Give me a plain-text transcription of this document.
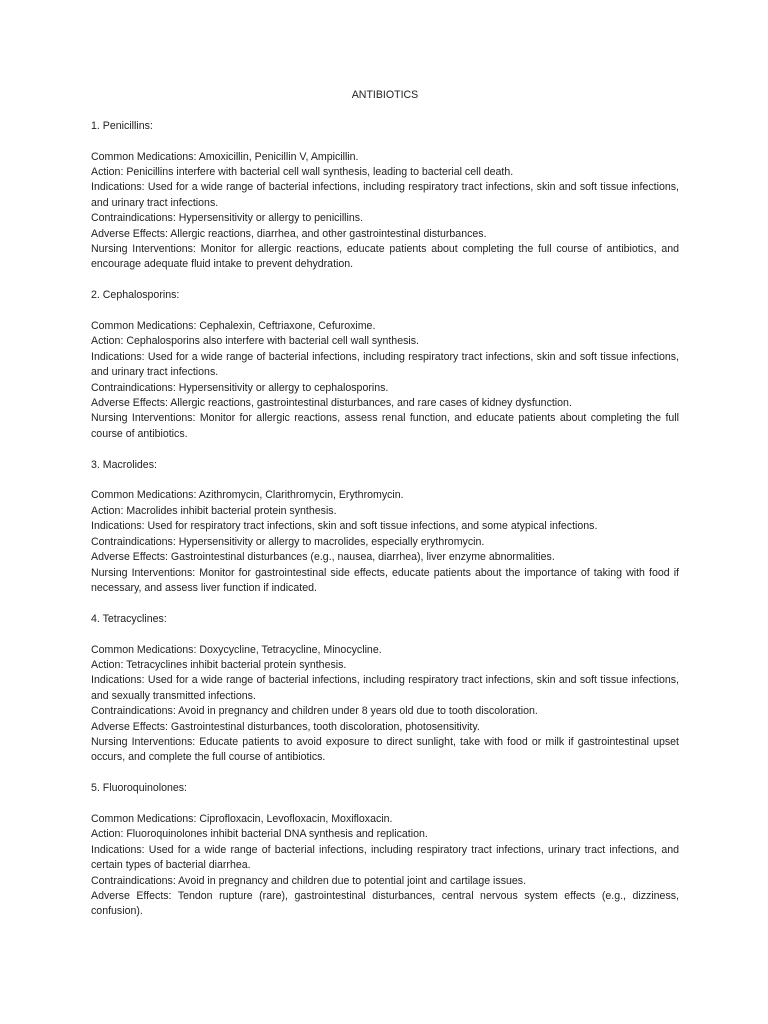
ANTIBIOTICS

1. Penicillins:

Common Medications: Amoxicillin, Penicillin V, Ampicillin.

Action: Penicillins interfere with bacterial cell wall synthesis, leading to bacterial cell death.

Indications: Used for a wide range of bacterial infections, including respiratory tract infections, skin and soft tissue infections, and urinary tract infections.

Contraindications: Hypersensitivity or allergy to penicillins.

Adverse Effects: Allergic reactions, diarrhea, and other gastrointestinal disturbances.

Nursing Interventions: Monitor for allergic reactions, educate patients about completing the full course of antibiotics, and encourage adequate fluid intake to prevent dehydration.

2. Cephalosporins:

Common Medications: Cephalexin, Ceftriaxone, Cefuroxime.

Action: Cephalosporins also interfere with bacterial cell wall synthesis.

Indications: Used for a wide range of bacterial infections, including respiratory tract infections, skin and soft tissue infections, and urinary tract infections.

Contraindications: Hypersensitivity or allergy to cephalosporins.

Adverse Effects: Allergic reactions, gastrointestinal disturbances, and rare cases of kidney dysfunction.

Nursing Interventions: Monitor for allergic reactions, assess renal function, and educate patients about completing the full course of antibiotics.

3. Macrolides:

Common Medications: Azithromycin, Clarithromycin, Erythromycin.

Action: Macrolides inhibit bacterial protein synthesis.

Indications: Used for respiratory tract infections, skin and soft tissue infections, and some atypical infections.

Contraindications: Hypersensitivity or allergy to macrolides, especially erythromycin.

Adverse Effects: Gastrointestinal disturbances (e.g., nausea, diarrhea), liver enzyme abnormalities.

Nursing Interventions: Monitor for gastrointestinal side effects, educate patients about the importance of taking with food if necessary, and assess liver function if indicated.

4. Tetracyclines:

Common Medications: Doxycycline, Tetracycline, Minocycline.

Action: Tetracyclines inhibit bacterial protein synthesis.

Indications: Used for a wide range of bacterial infections, including respiratory tract infections, skin and soft tissue infections, and sexually transmitted infections.

Contraindications: Avoid in pregnancy and children under 8 years old due to tooth discoloration.

Adverse Effects: Gastrointestinal disturbances, tooth discoloration, photosensitivity.

Nursing Interventions: Educate patients to avoid exposure to direct sunlight, take with food or milk if gastrointestinal upset occurs, and complete the full course of antibiotics.

5. Fluoroquinolones:

Common Medications: Ciprofloxacin, Levofloxacin, Moxifloxacin.

Action: Fluoroquinolones inhibit bacterial DNA synthesis and replication.

Indications: Used for a wide range of bacterial infections, including respiratory tract infections, urinary tract infections, and certain types of bacterial diarrhea.

Contraindications: Avoid in pregnancy and children due to potential joint and cartilage issues.

Adverse Effects: Tendon rupture (rare), gastrointestinal disturbances, central nervous system effects (e.g., dizziness, confusion).
